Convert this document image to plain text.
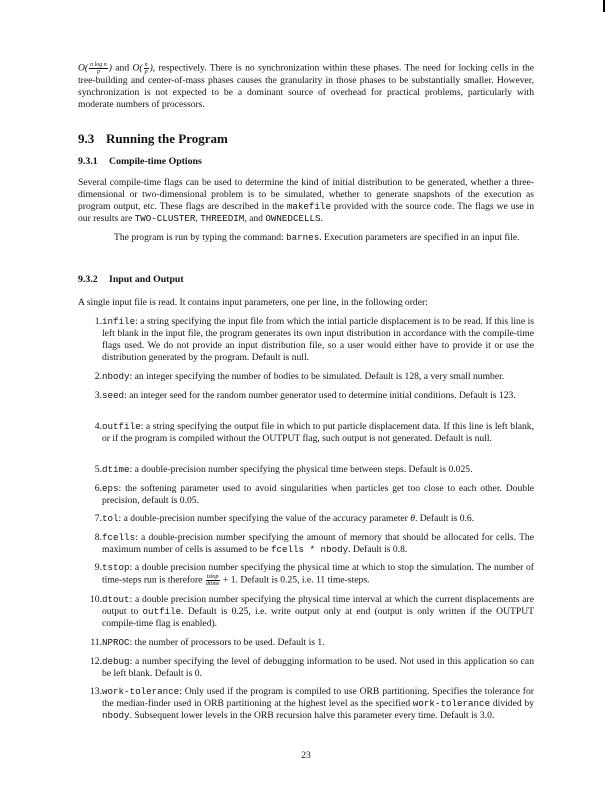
$O( \frac{\text{n log n}}{p}$ ) and $O( \frac{n}{p}$ ), respectively. There is no synchronization within these phases. The need for locking cells in the tree-building and center-of-mass phases causes the granularity in those phases to be substantially smaller. However, synchronization is not expected to be a dominant source of overhead for practical problems, particularly with moderate numbers of processors.
9.3 Running the Program
9.3.1 Compile-time Options
Several compile-time flags can be used to determine the kind of initial distribution to be generated, whether a three-dimensional or two-dimensional problem is to be simulated, whether to generate snapshots of the execution as program output, etc. These flags are described in the makefile provided with the source code. The flags we use in our results are TWO-CLUSTER, THREEDIM, and OWNEDCELLS.
The program is run by typing the command: barnes. Execution parameters are specified in an input file.
9.3.2 Input and Output
A single input file is read. It contains input parameters, one per line, in the following order:
1. infile: a string specifying the input file from which the intial particle displacement is to be read. If this line is left blank in the input file, the program generates its own input distribution in accordance with the compile-time flags used. We do not provide an input distribution file, so a user would either have to provide it or use the distribution generated by the program. Default is null.
2. nbody: an integer specifying the number of bodies to be simulated. Default is 128, a very small number.
3. seed: an integer seed for the random number generator used to determine initial conditions. Default is 123.
4. outfile: a string specifying the output file in which to put particle displacement data. If this line is left blank, or if the program is compiled without the OUTPUT flag, such output is not generated. Default is null.
5. dtime: a double-precision number specifying the physical time between steps. Default is 0.025.
6. eps: the softening parameter used to avoid singularities when particles get too close to each other. Double precision, default is 0.05.
7. tol: a double-precision number specifying the value of the accuracy parameter θ. Default is 0.6.
8. fcells: a double-precision number specifying the amount of memory that should be allocated for cells. The maximum number of cells is assumed to be fcells * nbody. Default is 0.8.
9. tstop: a double precision number specifying the physical time at which to stop the simulation. The number of time-steps run is therefore $\frac{\text{tstop}}{\text{dtime}} + 1$. Default is 0.25, i.e. 11 time-steps.
10. dtout: a double precision number specifying the physical time interval at which the current displacements are output to outfile. Default is 0.25, i.e. write output only at end (output is only written if the OUTPUT compile-time flag is enabled).
11. NPROC: the number of processors to be used. Default is 1.
12. debug: a number specifying the level of debugging information to be used. Not used in this application so can be left blank. Default is 0.
13. work-tolerance: Only used if the program is compiled to use ORB partitioning. Specifies the tolerance for the median-finder used in ORB partitioning at the highest level as the specified work-tolerance divided by nbody. Subsequent lower levels in the ORB recursion halve this parameter every time. Default is 3.0.
23
